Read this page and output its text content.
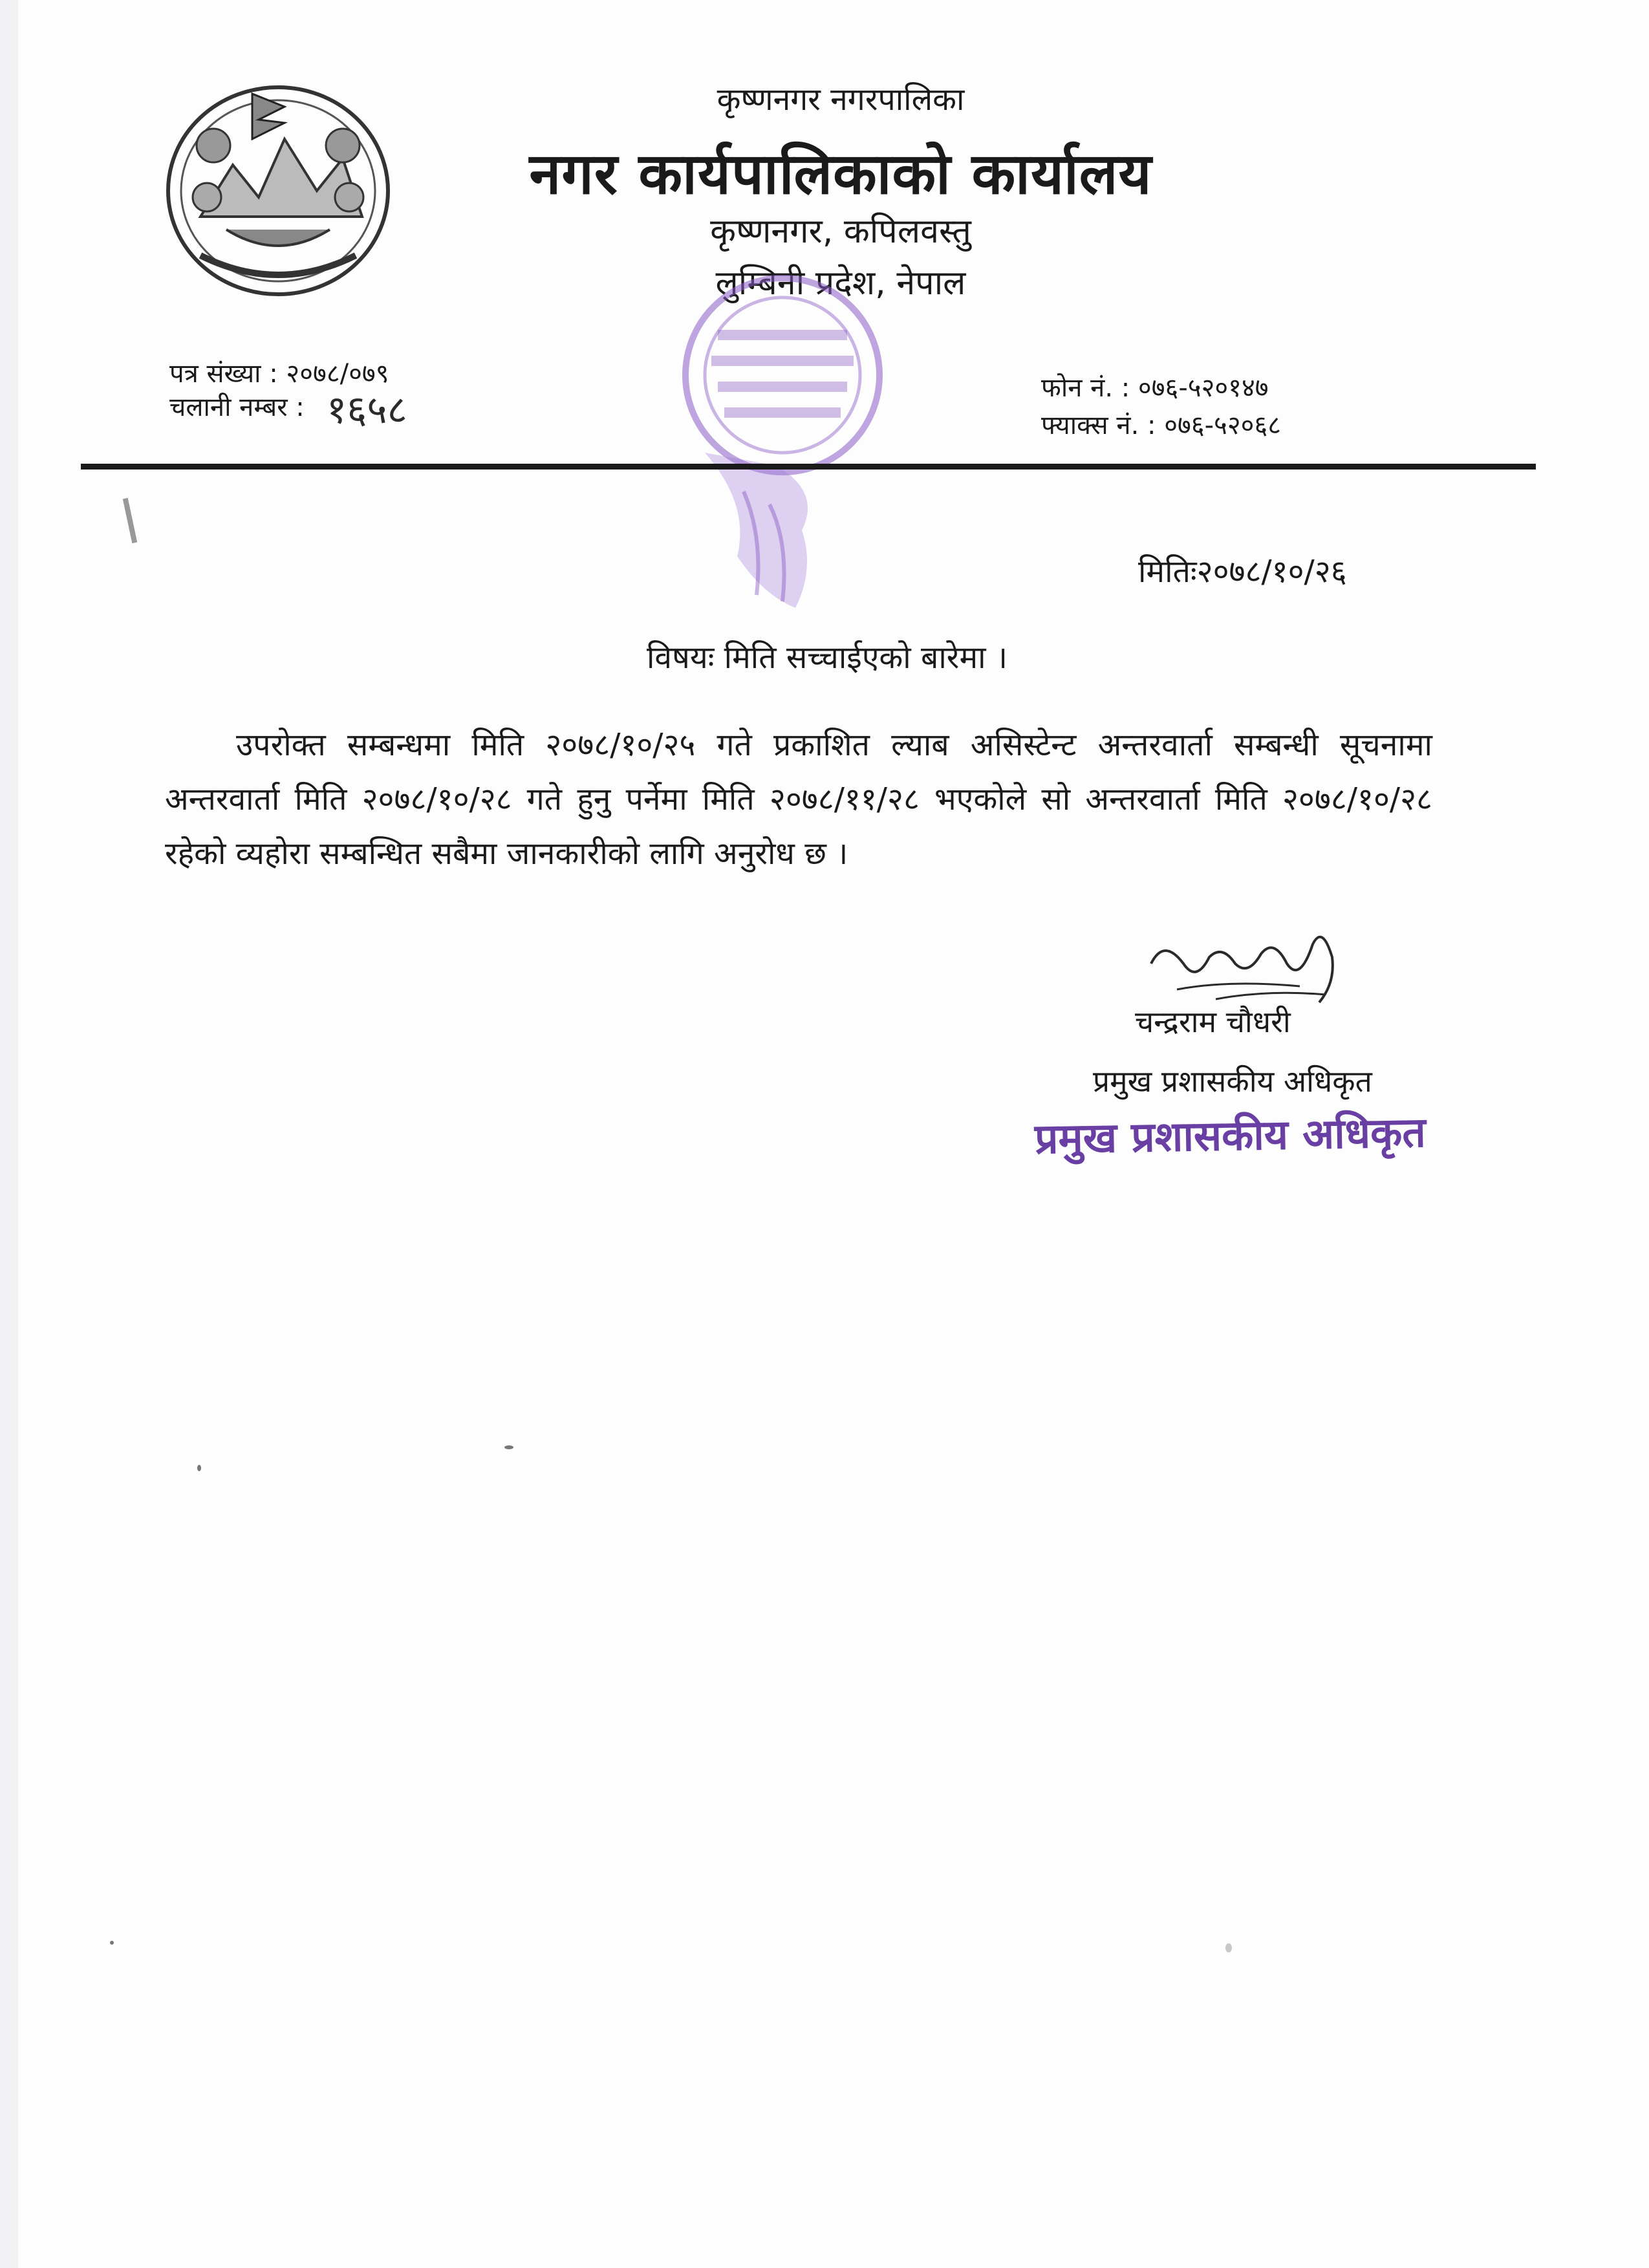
कृष्णनगर नगरपालिका
नगर कार्यपालिकाको कार्यालय
कृष्णनगर, कपिलवस्तु
लुम्बिनी प्रदेश, नेपाल
पत्र संख्या : २०७८/०७९
चलानी नम्बर : १६५८	फोन नं. : ०७६-५२०१४७
फ्याक्स नं. : ०७६-५२०६८
मितिः२०७८/१०/२६
विषयः मिति सच्चाईएको बारेमा ।
उपरोक्त सम्बन्धमा मिति २०७८/१०/२५ गते प्रकाशित ल्याब असिस्टेन्ट अन्तरवार्ता सम्बन्धी सूचनामा अन्तरवार्ता मिति २०७८/१०/२८ गते हुनु पर्नेमा मिति २०७८/११/२८ भएकोले सो अन्तरवार्ता मिति २०७८/१०/२८ रहेको व्यहोरा सम्बन्धित सबैमा जानकारीको लागि अनुरोध छ ।
चन्द्रराम चौधरी
प्रमुख प्रशासकीय अधिकृत
प्रमुख प्रशासकीय अधिकृत
